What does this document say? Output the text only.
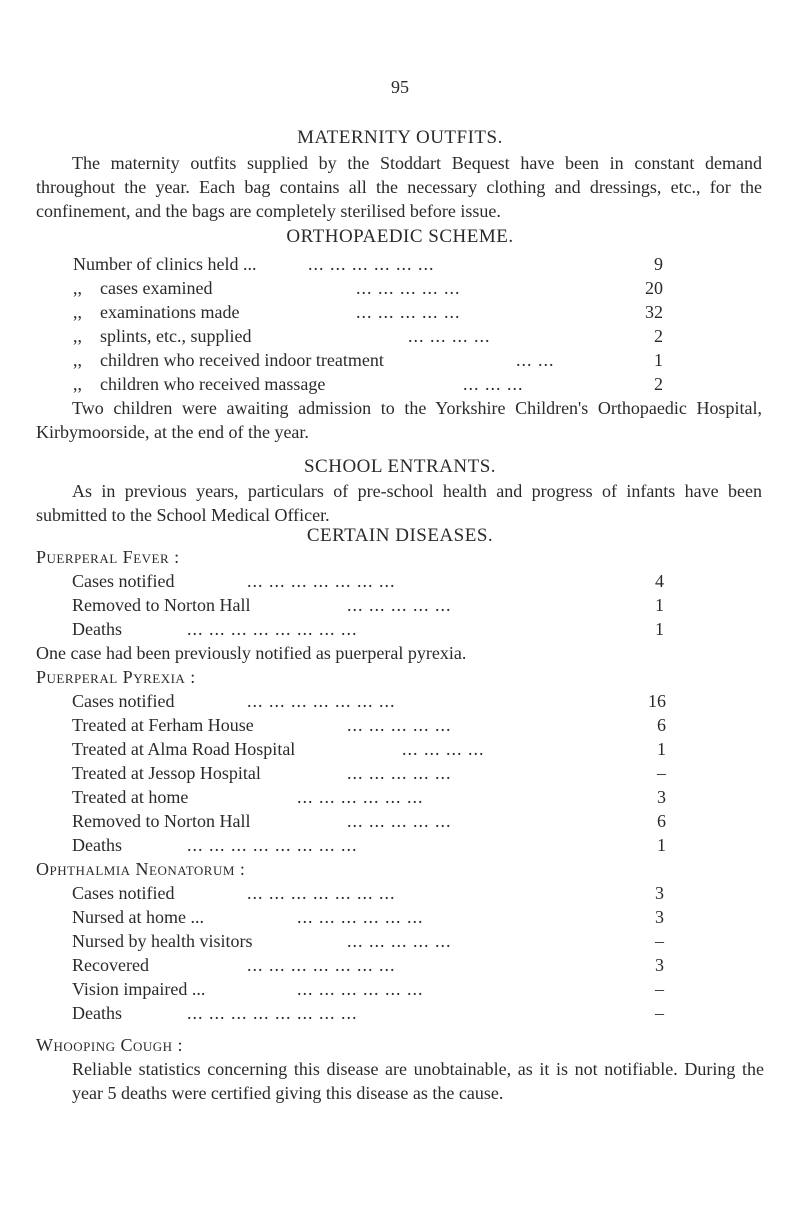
95
MATERNITY OUTFITS.
The maternity outfits supplied by the Stoddart Bequest have been in constant demand throughout the year. Each bag contains all the necessary clothing and dressings, etc., for the confinement, and the bags are completely sterilised before issue.
ORTHOPAEDIC SCHEME.
Number of clinics held ...	... ... ... ... ... ...	9
,,    cases examined	... ... ... ... ...	20
,,    examinations made	... ... ... ... ...	32
,,    splints, etc., supplied	... ... ... ...	2
,,    children who received indoor treatment	... ...	1
,,    children who received massage	... ... ...	2
Two children were awaiting admission to the Yorkshire Children's Orthopaedic Hospital, Kirbymoorside, at the end of the year.
SCHOOL ENTRANTS.
As in previous years, particulars of pre-school health and progress of infants have been submitted to the School Medical Officer.
CERTAIN DISEASES.
Puerperal Fever :
Cases notified	... ... ... ... ... ... ...	4
Removed to Norton Hall	... ... ... ... ...	1
Deaths	... ... ... ... ... ... ... ...	1
One case had been previously notified as puerperal pyrexia.
Puerperal Pyrexia :
Cases notified	... ... ... ... ... ... ...	16
Treated at Ferham House	... ... ... ... ...	6
Treated at Alma Road Hospital	... ... ... ...	1
Treated at Jessop Hospital	... ... ... ... ...	–
Treated at home	... ... ... ... ... ...	3
Removed to Norton Hall	... ... ... ... ...	6
Deaths	... ... ... ... ... ... ... ...	1
Ophthalmia Neonatorum :
Cases notified	... ... ... ... ... ... ...	3
Nursed at home ...	... ... ... ... ... ...	3
Nursed by health visitors	... ... ... ... ...	–
Recovered	... ... ... ... ... ... ...	3
Vision impaired ...	... ... ... ... ... ...	–
Deaths	... ... ... ... ... ... ... ...	–
Whooping Cough :
Reliable statistics concerning this disease are unobtainable, as it is not notifiable. During the year 5 deaths were certified giving this disease as the cause.
